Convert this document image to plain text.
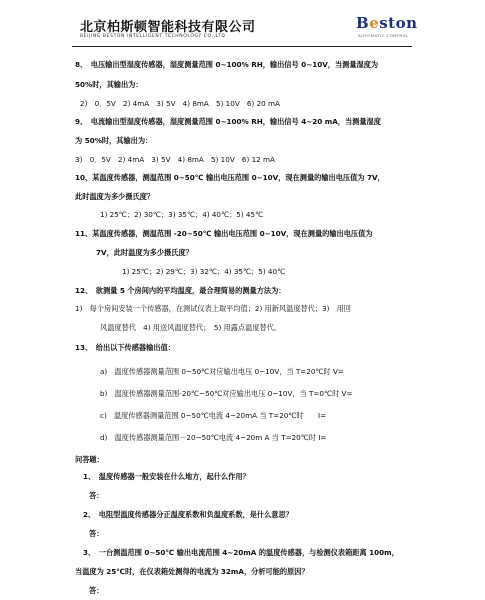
北京柏斯顿智能科技有限公司
BEIJING BESTON INTELLIGENT TECHNOLOGY CO.,LTD
Beston
AUTOMATIC CONTROL
8、　电压输出型湿度传感器，湿度测量范围 0~100% RH，输出信号 0~10V，当测量湿度为
50%时，其输出为：
2)　0．5V　2) 4mA　3) 5V　4) 8mA　5) 10V　6) 20 mA
9、　电流输出型湿度传感器，湿度测量范围 0~100% RH，输出信号 4~20 mA，当测量湿度
为 50%时，其输出为：
3)　0．5V　2) 4mA　3) 5V　4) 8mA　5) 10V　6) 12 mA
10、某温度传感器，测温范围 0~50℃ 输出电压范围 0~10V，现在测量的输出电压值为 7V，
此时温度为多少摄氏度？
1) 25℃；2) 30℃；3) 35℃；4) 40℃；5) 45℃
11、某温度传感器，测温范围 -20~50℃ 输出电压范围 0~10V，现在测量的输出电压值为
7V，此时温度为多少摄氏度？
1) 25℃；2) 29℃；3) 32℃；4) 35℃；5) 40℃
12、　欲测量 5 个房间内的平均温度，最合理简易的测量方法为：
1)　每个房间安装一个传感器，在测试仪表上取平均值；2) 用新风温度替代；3)　用回
风温度替代　4) 用送风温度替代；　5) 用露点温度替代。
13、　给出以下传感器输出值：
a)　温度传感器测量范围 0~50℃对应输出电压 0~10V，当 T=20℃时 V=
b)　温度传感器测量范围-20℃~50℃对应输出电压 0~10V，当 T=0℃时 V=
c)　温度传感器测量范围 0~50℃电流 4~20mA 当 T=20℃时　　I=
d)　温度传感器测量范围－20~50℃电流 4~20m A 当 T=20℃时 I=
问答题：
1、　温度传感器一般安装在什么地方，起什么作用？
答：
2、　电阻型温度传感器分正温度系数和负温度系数，是什么意思？
答：
3、　一台测温范围 0~50℃ 输出电流范围 4~20mA 的温度传感器，与检测仪表箱距离 100m，
当温度为 25℃时，在仪表箱处测得的电流为 32mA，分析可能的原因？
答：
